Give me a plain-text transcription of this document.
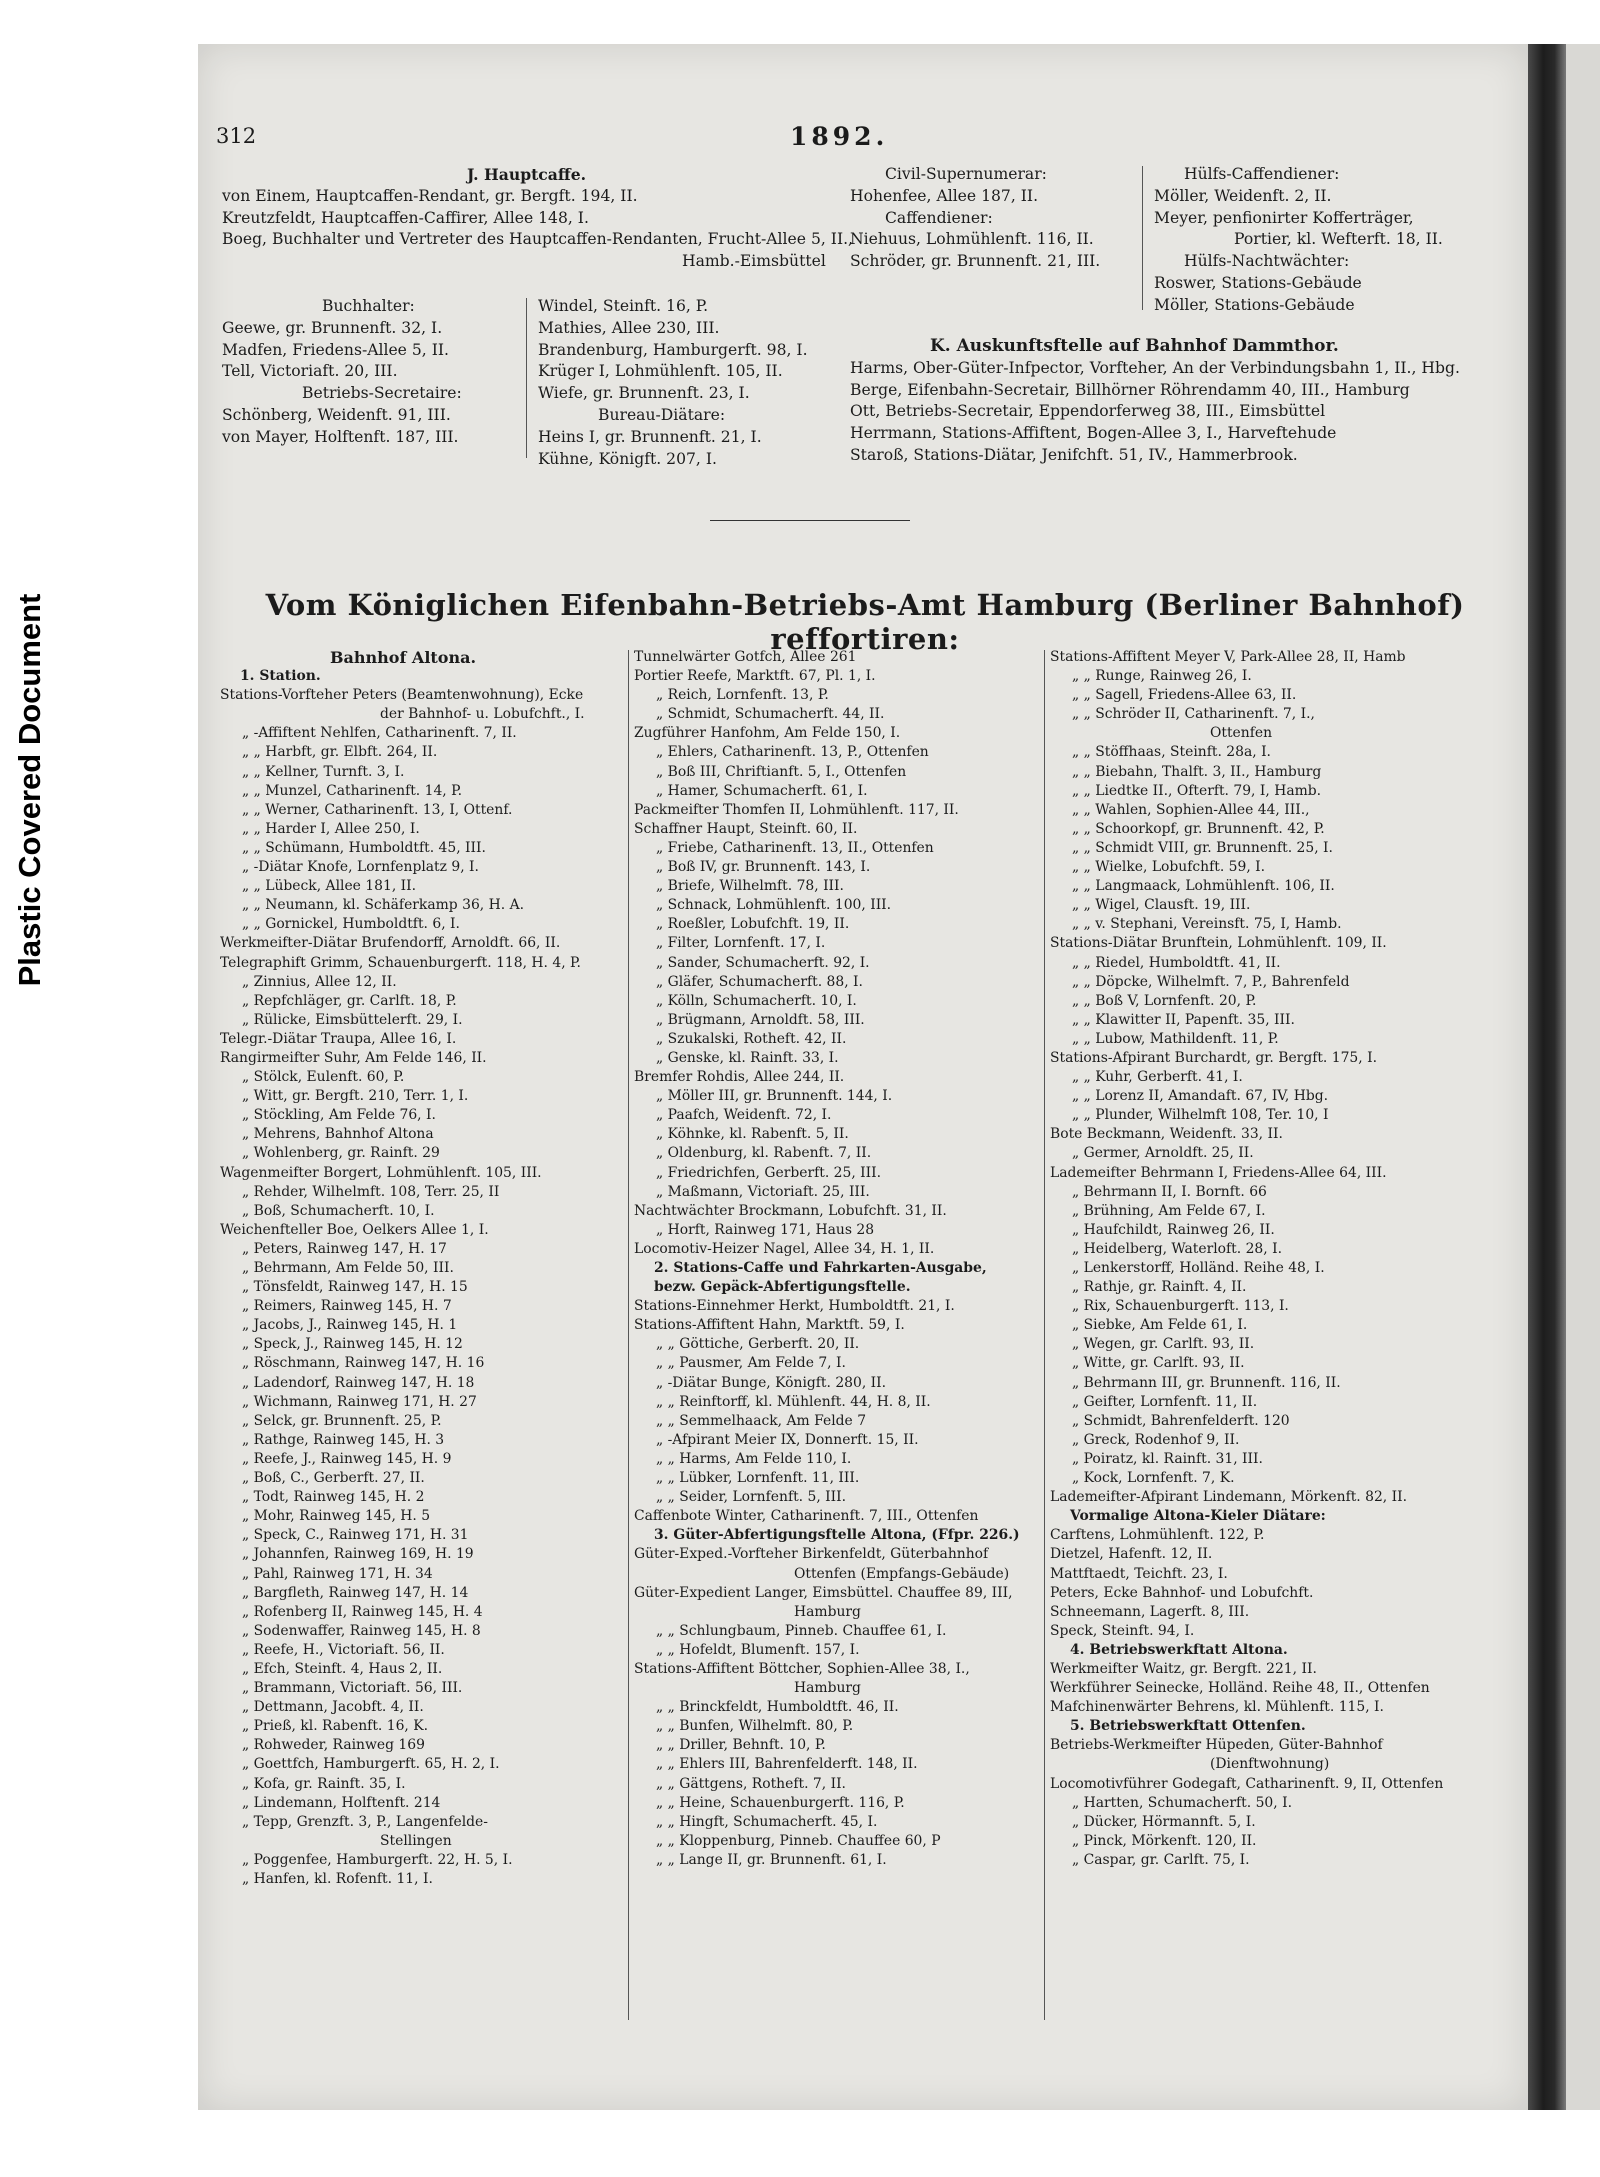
Plastic Covered Document
312	1892.
J. Hauptcaffe.
von Einem, Hauptcaffen-Rendant, gr. Bergft. 194, II.
Kreutzfeldt, Hauptcaffen-Caffirer, Allee 148, I.
Boeg, Buchhalter und Vertreter des Hauptcaffen-Rendanten, Frucht-Allee 5, II.,
Hamb.-Eimsbüttel
Buchhalter:
Geewe, gr. Brunnenft. 32, I.
Madfen, Friedens-Allee 5, II.
Tell, Victoriaft. 20, III.
Betriebs-Secretaire:
Schönberg, Weidenft. 91, III.
von Mayer, Holftenft. 187, III.
Windel, Steinft. 16, P.
Mathies, Allee 230, III.
Brandenburg, Hamburgerft. 98, I.
Krüger I, Lohmühlenft. 105, II.
Wiefe, gr. Brunnenft. 23, I.
Bureau-Diätare:
Heins I, gr. Brunnenft. 21, I.
Kühne, Königft. 207, I.
Civil-Supernumerar:
Hohenfee, Allee 187, II.
Caffendiener:
Niehuus, Lohmühlenft. 116, II.
Schröder, gr. Brunnenft. 21, III.
Hülfs-Caffendiener:
Möller, Weidenft. 2, II.
Meyer, penfionirter Kofferträger,
Portier, kl. Wefterft. 18, II.
Hülfs-Nachtwächter:
Roswer, Stations-Gebäude
Möller, Stations-Gebäude
K. Auskunftsftelle auf Bahnhof Dammthor.
Harms, Ober-Güter-Infpector, Vorfteher, An der Verbindungsbahn 1, II., Hbg.
Berge, Eifenbahn-Secretair, Billhörner Röhrendamm 40, III., Hamburg
Ott, Betriebs-Secretair, Eppendorferweg 38, III., Eimsbüttel
Herrmann, Stations-Affiftent, Bogen-Allee 3, I., Harveftehude
Staroß, Stations-Diätar, Jenifchft. 51, IV., Hammerbrook.
Vom Königlichen Eifenbahn-Betriebs-Amt Hamburg (Berliner Bahnhof) reffortiren:
Bahnhof Altona.
1. Station.
Stations-Vorfteher Peters (Beamtenwohnung), Ecke
der Bahnhof- u. Lobufchft., I.
„ -Affiftent Nehlfen, Catharinenft. 7, II.
„ „ Harbft, gr. Elbft. 264, II.
„ „ Kellner, Turnft. 3, I.
„ „ Munzel, Catharinenft. 14, P.
„ „ Werner, Catharinenft. 13, I, Ottenf.
„ „ Harder I, Allee 250, I.
„ „ Schümann, Humboldtft. 45, III.
„ -Diätar Knofe, Lornfenplatz 9, I.
„ „ Lübeck, Allee 181, II.
„ „ Neumann, kl. Schäferkamp 36, H. A.
„ „ Gornickel, Humboldtft. 6, I.
Werkmeifter-Diätar Brufendorff, Arnoldft. 66, II.
Telegraphift Grimm, Schauenburgerft. 118, H. 4, P.
„ Zinnius, Allee 12, II.
„ Repfchläger, gr. Carlft. 18, P.
„ Rülicke, Eimsbüttelerft. 29, I.
Telegr.-Diätar Traupa, Allee 16, I.
Rangirmeifter Suhr, Am Felde 146, II.
„ Stölck, Eulenft. 60, P.
„ Witt, gr. Bergft. 210, Terr. 1, I.
„ Stöckling, Am Felde 76, I.
„ Mehrens, Bahnhof Altona
„ Wohlenberg, gr. Rainft. 29
Wagenmeifter Borgert, Lohmühlenft. 105, III.
„ Rehder, Wilhelmft. 108, Terr. 25, II
„ Boß, Schumacherft. 10, I.
Weichenfteller Boe, Oelkers Allee 1, I.
„ Peters, Rainweg 147, H. 17
„ Behrmann, Am Felde 50, III.
„ Tönsfeldt, Rainweg 147, H. 15
„ Reimers, Rainweg 145, H. 7
„ Jacobs, J., Rainweg 145, H. 1
„ Speck, J., Rainweg 145, H. 12
„ Röschmann, Rainweg 147, H. 16
„ Ladendorf, Rainweg 147, H. 18
„ Wichmann, Rainweg 171, H. 27
„ Selck, gr. Brunnenft. 25, P.
„ Rathge, Rainweg 145, H. 3
„ Reefe, J., Rainweg 145, H. 9
„ Boß, C., Gerberft. 27, II.
„ Todt, Rainweg 145, H. 2
„ Mohr, Rainweg 145, H. 5
„ Speck, C., Rainweg 171, H. 31
„ Johannfen, Rainweg 169, H. 19
„ Pahl, Rainweg 171, H. 34
„ Bargfleth, Rainweg 147, H. 14
„ Rofenberg II, Rainweg 145, H. 4
„ Sodenwaffer, Rainweg 145, H. 8
„ Reefe, H., Victoriaft. 56, II.
„ Efch, Steinft. 4, Haus 2, II.
„ Brammann, Victoriaft. 56, III.
„ Dettmann, Jacobft. 4, II.
„ Prieß, kl. Rabenft. 16, K.
„ Rohweder, Rainweg 169
„ Goettfch, Hamburgerft. 65, H. 2, I.
„ Kofa, gr. Rainft. 35, I.
„ Lindemann, Holftenft. 214
„ Tepp, Grenzft. 3, P., Langenfelde-
Stellingen
„ Poggenfee, Hamburgerft. 22, H. 5, I.
„ Hanfen, kl. Rofenft. 11, I.
Tunnelwärter Gotfch, Allee 261
Portier Reefe, Marktft. 67, Pl. 1, I.
„ Reich, Lornfenft. 13, P.
„ Schmidt, Schumacherft. 44, II.
Zugführer Hanfohm, Am Felde 150, I.
„ Ehlers, Catharinenft. 13, P., Ottenfen
„ Boß III, Chriftianft. 5, I., Ottenfen
„ Hamer, Schumacherft. 61, I.
Packmeifter Thomfen II, Lohmühlenft. 117, II.
Schaffner Haupt, Steinft. 60, II.
„ Friebe, Catharinenft. 13, II., Ottenfen
„ Boß IV, gr. Brunnenft. 143, I.
„ Briefe, Wilhelmft. 78, III.
„ Schnack, Lohmühlenft. 100, III.
„ Roeßler, Lobufchft. 19, II.
„ Filter, Lornfenft. 17, I.
„ Sander, Schumacherft. 92, I.
„ Gläfer, Schumacherft. 88, I.
„ Kölln, Schumacherft. 10, I.
„ Brügmann, Arnoldft. 58, III.
„ Szukalski, Rotheft. 42, II.
„ Genske, kl. Rainft. 33, I.
Bremfer Rohdis, Allee 244, II.
„ Möller III, gr. Brunnenft. 144, I.
„ Paafch, Weidenft. 72, I.
„ Köhnke, kl. Rabenft. 5, II.
„ Oldenburg, kl. Rabenft. 7, II.
„ Friedrichfen, Gerberft. 25, III.
„ Maßmann, Victoriaft. 25, III.
Nachtwächter Brockmann, Lobufchft. 31, II.
„ Horft, Rainweg 171, Haus 28
Locomotiv-Heizer Nagel, Allee 34, H. 1, II.
2. Stations-Caffe und Fahrkarten-Ausgabe,
bezw. Gepäck-Abfertigungsftelle.
Stations-Einnehmer Herkt, Humboldtft. 21, I.
Stations-Affiftent Hahn, Marktft. 59, I.
„ „ Göttiche, Gerberft. 20, II.
„ „ Pausmer, Am Felde 7, I.
„ -Diätar Bunge, Königft. 280, II.
„ „ Reinftorff, kl. Mühlenft. 44, H. 8, II.
„ „ Semmelhaack, Am Felde 7
„ -Afpirant Meier IX, Donnerft. 15, II.
„ „ Harms, Am Felde 110, I.
„ „ Lübker, Lornfenft. 11, III.
„ „ Seider, Lornfenft. 5, III.
Caffenbote Winter, Catharinenft. 7, III., Ottenfen
3. Güter-Abfertigungsftelle Altona, (Ffpr. 226.)
Güter-Exped.-Vorfteher Birkenfeldt, Güterbahnhof
Ottenfen (Empfangs-Gebäude)
Güter-Expedient Langer, Eimsbüttel. Chauffee 89, III,
Hamburg
„ „ Schlungbaum, Pinneb. Chauffee 61, I.
„ „ Hofeldt, Blumenft. 157, I.
Stations-Affiftent Böttcher, Sophien-Allee 38, I.,
Hamburg
„ „ Brinckfeldt, Humboldtft. 46, II.
„ „ Bunfen, Wilhelmft. 80, P.
„ „ Driller, Behnft. 10, P.
„ „ Ehlers III, Bahrenfelderft. 148, II.
„ „ Gättgens, Rotheft. 7, II.
„ „ Heine, Schauenburgerft. 116, P.
„ „ Hingft, Schumacherft. 45, I.
„ „ Kloppenburg, Pinneb. Chauffee 60, P
„ „ Lange II, gr. Brunnenft. 61, I.
Stations-Affiftent Meyer V, Park-Allee 28, II, Hamb
„ „ Runge, Rainweg 26, I.
„ „ Sagell, Friedens-Allee 63, II.
„ „ Schröder II, Catharinenft. 7, I.,
Ottenfen
„ „ Stöffhaas, Steinft. 28a, I.
„ „ Biebahn, Thalft. 3, II., Hamburg
„ „ Liedtke II., Ofterft. 79, I, Hamb.
„ „ Wahlen, Sophien-Allee 44, III.,
„ „ Schoorkopf, gr. Brunnenft. 42, P.
„ „ Schmidt VIII, gr. Brunnenft. 25, I.
„ „ Wielke, Lobufchft. 59, I.
„ „ Langmaack, Lohmühlenft. 106, II.
„ „ Wigel, Clausft. 19, III.
„ „ v. Stephani, Vereinsft. 75, I, Hamb.
Stations-Diätar Brunftein, Lohmühlenft. 109, II.
„ „ Riedel, Humboldtft. 41, II.
„ „ Döpcke, Wilhelmft. 7, P., Bahrenfeld
„ „ Boß V, Lornfenft. 20, P.
„ „ Klawitter II, Papenft. 35, III.
„ „ Lubow, Mathildenft. 11, P.
Stations-Afpirant Burchardt, gr. Bergft. 175, I.
„ „ Kuhr, Gerberft. 41, I.
„ „ Lorenz II, Amandaft. 67, IV, Hbg.
„ „ Plunder, Wilhelmft 108, Ter. 10, I
Bote Beckmann, Weidenft. 33, II.
„ Germer, Arnoldft. 25, II.
Lademeifter Behrmann I, Friedens-Allee 64, III.
„ Behrmann II, I. Bornft. 66
„ Brühning, Am Felde 67, I.
„ Haufchildt, Rainweg 26, II.
„ Heidelberg, Waterloft. 28, I.
„ Lenkerstorff, Holländ. Reihe 48, I.
„ Rathje, gr. Rainft. 4, II.
„ Rix, Schauenburgerft. 113, I.
„ Siebke, Am Felde 61, I.
„ Wegen, gr. Carlft. 93, II.
„ Witte, gr. Carlft. 93, II.
„ Behrmann III, gr. Brunnenft. 116, II.
„ Geifter, Lornfenft. 11, II.
„ Schmidt, Bahrenfelderft. 120
„ Greck, Rodenhof 9, II.
„ Poiratz, kl. Rainft. 31, III.
„ Kock, Lornfenft. 7, K.
Lademeifter-Afpirant Lindemann, Mörkenft. 82, II.
Vormalige Altona-Kieler Diätare:
Carftens, Lohmühlenft. 122, P.
Dietzel, Hafenft. 12, II.
Mattftaedt, Teichft. 23, I.
Peters, Ecke Bahnhof- und Lobufchft.
Schneemann, Lagerft. 8, III.
Speck, Steinft. 94, I.
4. Betriebswerkftatt Altona.
Werkmeifter Waitz, gr. Bergft. 221, II.
Werkführer Seinecke, Holländ. Reihe 48, II., Ottenfen
Mafchinenwärter Behrens, kl. Mühlenft. 115, I.
5. Betriebswerkftatt Ottenfen.
Betriebs-Werkmeifter Hüpeden, Güter-Bahnhof
(Dienftwohnung)
Locomotivführer Godegaft, Catharinenft. 9, II, Ottenfen
„ Hartten, Schumacherft. 50, I.
„ Dücker, Hörmannft. 5, I.
„ Pinck, Mörkenft. 120, II.
„ Caspar, gr. Carlft. 75, I.
